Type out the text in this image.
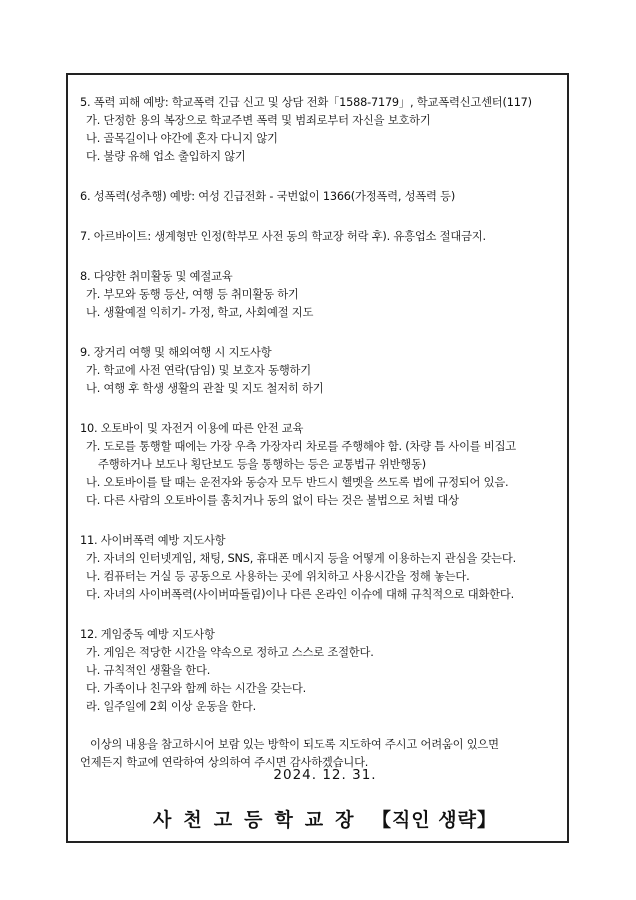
5. 폭력 피해 예방: 학교폭력 긴급 신고 및 상담 전화「1588-7179」, 학교폭력신고센터(117)
가. 단정한 용의 복장으로 학교주변 폭력 및 범죄로부터 자신을 보호하기
나. 골목길이나 야간에 혼자 다니지 않기
다. 불량 유해 업소 출입하지 않기
6. 성폭력(성추행) 예방: 여성 긴급전화 - 국번없이 1366(가정폭력, 성폭력 등)
7. 아르바이트: 생계형만 인정(학부모 사전 동의 학교장 허락 후). 유흥업소 절대금지.
8. 다양한 취미활동 및 예절교육
가. 부모와 동행 등산, 여행 등 취미활동 하기
나. 생활예절 익히기- 가정, 학교, 사회예절 지도
9. 장거리 여행 및 해외여행 시 지도사항
가. 학교에 사전 연락(담임) 및 보호자 동행하기
나. 여행 후 학생 생활의 관찰 및 지도 철저히 하기
10. 오토바이 및 자전거 이용에 따른 안전 교육
가. 도로를 통행할 때에는 가장 우측 가장자리 차로를 주행해야 함. (차량 틈 사이를 비집고
주행하거나 보도나 횡단보도 등을 통행하는 등은 교통법규 위반행동)
나. 오토바이를 탈 때는 운전자와 동승자 모두 반드시 헬멧을 쓰도록 법에 규정되어 있음.
다. 다른 사람의 오토바이를 훔치거나 동의 없이 타는 것은 불법으로 처벌 대상
11. 사이버폭력 예방 지도사항
가. 자녀의 인터넷게임, 채팅, SNS, 휴대폰 메시지 등을 어떻게 이용하는지 관심을 갖는다.
나. 컴퓨터는 거실 등 공동으로 사용하는 곳에 위치하고 사용시간을 정해 놓는다.
다. 자녀의 사이버폭력(사이버따돌림)이나 다른 온라인 이슈에 대해 규칙적으로 대화한다.
12. 게임중독 예방 지도사항
가. 게임은 적당한 시간을 약속으로 정하고 스스로 조절한다.
나. 규칙적인 생활을 한다.
다. 가족이나 친구와 함께 하는 시간을 갖는다.
라. 일주일에 2회 이상 운동을 한다.
이상의 내용을 참고하시어 보람 있는 방학이 되도록 지도하여 주시고 어려움이 있으면
언제든지 학교에 연락하여 상의하여 주시면 감사하겠습니다.
2024. 12. 31.
사천고등학교장 【직인 생략】
